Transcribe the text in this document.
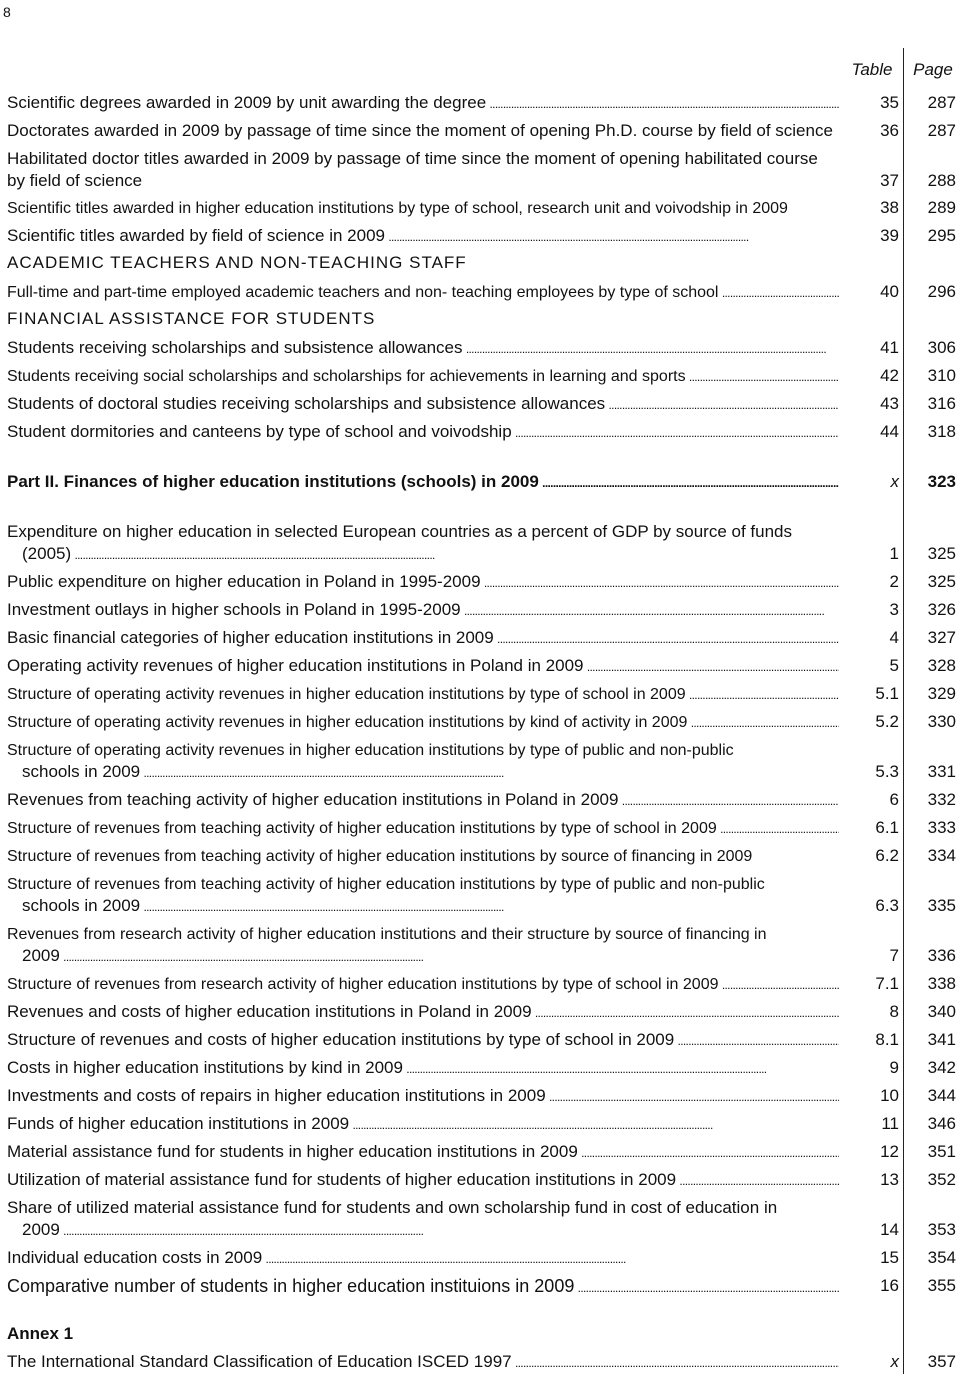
8
Table	Page
Scientific degrees awarded in 2009 by unit awarding the degree . . .	35	287
Doctorates awarded in 2009 by passage of time since the moment of opening Ph.D. course by field of science	36	287
Habilitated doctor titles awarded in 2009 by passage of time since the moment of opening habilitated course by field of science	37	288
Scientific titles awarded in higher education institutions by type of school, research unit and voivodship in 2009	38	289
Scientific titles awarded by field of science in 2009 . . .	39	295
ACADEMIC TEACHERS AND NON-TEACHING STAFF
Full-time and part-time employed academic teachers and non- teaching employees by type of school . . .	40	296
FINANCIAL ASSISTANCE FOR STUDENTS
Students receiving scholarships and subsistence allowances . . .	41	306
Students receiving social scholarships and scholarships for achievements in learning and sports . . .	42	310
Students of doctoral studies receiving scholarships and subsistence allowances . . .	43	316
Student dormitories and canteens by type of school and voivodship . . .	44	318
Part II. Finances of higher education institutions (schools) in 2009 . . .	x	323
Expenditure on higher education in selected European countries as a percent of GDP by source of funds
(2005) . . .	1	325
Public expenditure on higher education in Poland in 1995-2009 . . .	2	325
Investment outlays in higher schools in Poland in 1995-2009 . . .	3	326
Basic financial categories of higher education institutions in 2009 . . .	4	327
Operating activity revenues of higher education institutions in Poland in 2009 . . .	5	328
Structure of operating activity revenues in higher education institutions by type of school in 2009 . . .	5.1	329
Structure of operating activity revenues in higher education institutions by kind of activity in 2009 . . .	5.2	330
Structure of operating activity revenues in higher education institutions by type of public and non-public
schools in 2009 . . .	5.3	331
Revenues from teaching activity of higher education institutions in Poland in 2009 . . .	6	332
Structure of revenues from teaching activity of higher education institutions by type of school in 2009 . . .	6.1	333
Structure of revenues from teaching activity of higher education institutions by source of financing in 2009	6.2	334
Structure of revenues from teaching activity of higher education institutions by type of public and non-public
schools in 2009 . . .	6.3	335
Revenues from research activity of higher education institutions and their structure by source of financing in
2009 . . .	7	336
Structure of revenues from research activity of higher education institutions by type of school in 2009 . . .	7.1	338
Revenues and costs of higher education institutions in Poland in 2009 . . .	8	340
Structure of revenues and costs of higher education institutions by type of school in 2009 . . .	8.1	341
Costs in higher education institutions by kind in 2009 . . .	9	342
Investments and costs of repairs in higher education institutions in 2009 . . .	10	344
Funds of higher education institutions in 2009 . . .	11	346
Material assistance fund for students in higher education institutions in 2009 . . .	12	351
Utilization of material assistance fund for students of higher education institutions in 2009 . . .	13	352
Share of utilized material assistance fund for students and own scholarship fund in cost of education in
2009 . . .	14	353
Individual education costs in 2009 . . .	15	354
Comparative number of students in higher education instituions in 2009 . . .	16	355
Annex 1
The International Standard Classification of Education ISCED 1997 . . .	x	357
